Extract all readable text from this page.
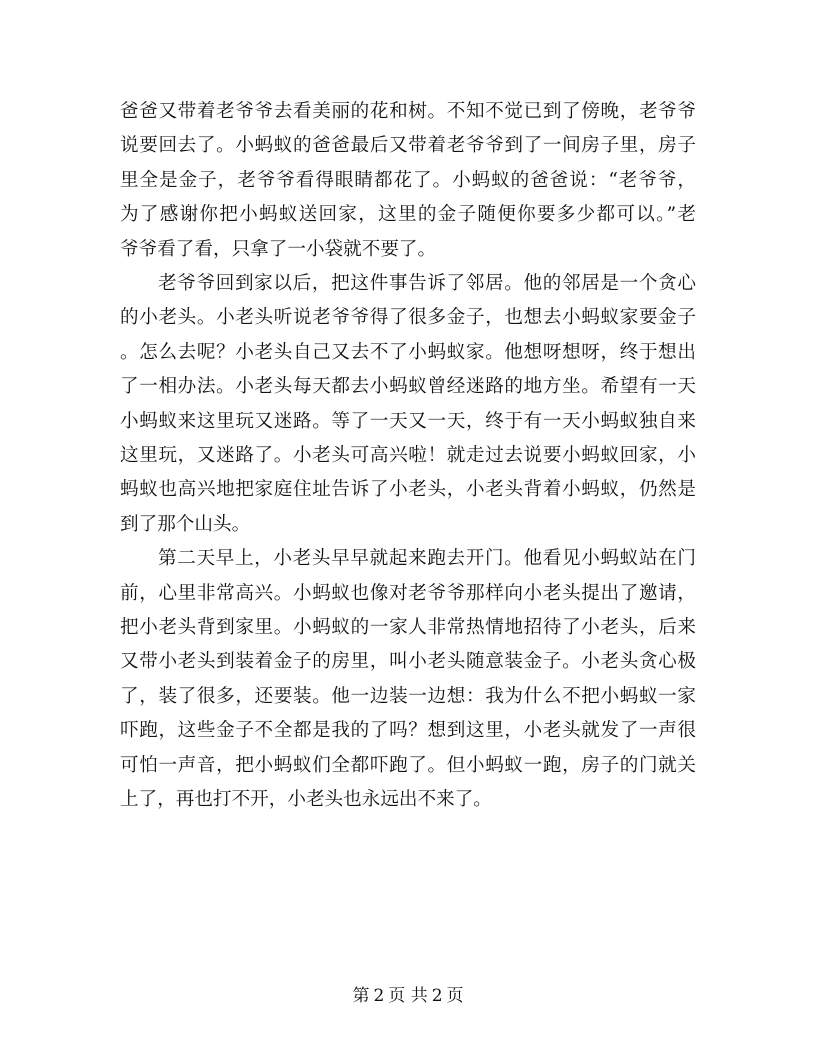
爸爸又带着老爷爷去看美丽的花和树。不知不觉已到了傍晚，老爷爷
说要回去了。小蚂蚁的爸爸最后又带着老爷爷到了一间房子里，房子
里全是金子，老爷爷看得眼睛都花了。小蚂蚁的爸爸说：“老爷爷，
为了感谢你把小蚂蚁送回家，这里的金子随便你要多少都可以。”老
爷爷看了看，只拿了一小袋就不要了。
老爷爷回到家以后，把这件事告诉了邻居。他的邻居是一个贪心
的小老头。小老头听说老爷爷得了很多金子，也想去小蚂蚁家要金子
。怎么去呢？小老头自己又去不了小蚂蚁家。他想呀想呀，终于想出
了一相办法。小老头每天都去小蚂蚁曾经迷路的地方坐。希望有一天
小蚂蚁来这里玩又迷路。等了一天又一天，终于有一天小蚂蚁独自来
这里玩，又迷路了。小老头可高兴啦！就走过去说要小蚂蚁回家，小
蚂蚁也高兴地把家庭住址告诉了小老头，小老头背着小蚂蚁，仍然是
到了那个山头。
第二天早上，小老头早早就起来跑去开门。他看见小蚂蚁站在门
前，心里非常高兴。小蚂蚁也像对老爷爷那样向小老头提出了邀请，
把小老头背到家里。小蚂蚁的一家人非常热情地招待了小老头，后来
又带小老头到装着金子的房里，叫小老头随意装金子。小老头贪心极
了，装了很多，还要装。他一边装一边想：我为什么不把小蚂蚁一家
吓跑，这些金子不全都是我的了吗？想到这里，小老头就发了一声很
可怕一声音，把小蚂蚁们全都吓跑了。但小蚂蚁一跑，房子的门就关
上了，再也打不开，小老头也永远出不来了。
第 2 页 共 2 页
